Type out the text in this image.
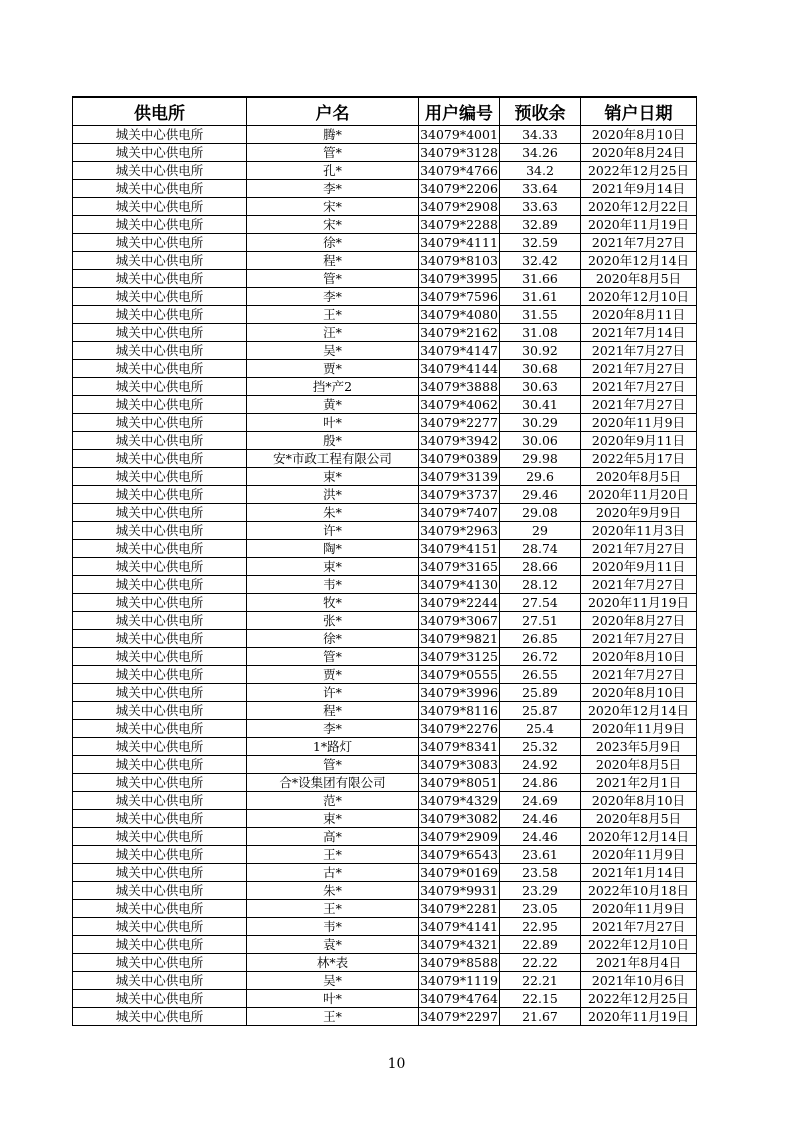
供电所	户名	用户编号	预收余	销户日期
城关中心供电所	腾*	34079*4001	34.33	2020年8月10日
城关中心供电所	管*	34079*3128	34.26	2020年8月24日
城关中心供电所	孔*	34079*4766	34.2	2022年12月25日
城关中心供电所	李*	34079*2206	33.64	2021年9月14日
城关中心供电所	宋*	34079*2908	33.63	2020年12月22日
城关中心供电所	宋*	34079*2288	32.89	2020年11月19日
城关中心供电所	徐*	34079*4111	32.59	2021年7月27日
城关中心供电所	程*	34079*8103	32.42	2020年12月14日
城关中心供电所	管*	34079*3995	31.66	2020年8月5日
城关中心供电所	李*	34079*7596	31.61	2020年12月10日
城关中心供电所	王*	34079*4080	31.55	2020年8月11日
城关中心供电所	汪*	34079*2162	31.08	2021年7月14日
城关中心供电所	吴*	34079*4147	30.92	2021年7月27日
城关中心供电所	贾*	34079*4144	30.68	2021年7月27日
城关中心供电所	挡*产2	34079*3888	30.63	2021年7月27日
城关中心供电所	黄*	34079*4062	30.41	2021年7月27日
城关中心供电所	叶*	34079*2277	30.29	2020年11月9日
城关中心供电所	殷*	34079*3942	30.06	2020年9月11日
城关中心供电所	安*市政工程有限公司	34079*0389	29.98	2022年5月17日
城关中心供电所	束*	34079*3139	29.6	2020年8月5日
城关中心供电所	洪*	34079*3737	29.46	2020年11月20日
城关中心供电所	朱*	34079*7407	29.08	2020年9月9日
城关中心供电所	许*	34079*2963	29	2020年11月3日
城关中心供电所	陶*	34079*4151	28.74	2021年7月27日
城关中心供电所	束*	34079*3165	28.66	2020年9月11日
城关中心供电所	韦*	34079*4130	28.12	2021年7月27日
城关中心供电所	牧*	34079*2244	27.54	2020年11月19日
城关中心供电所	张*	34079*3067	27.51	2020年8月27日
城关中心供电所	徐*	34079*9821	26.85	2021年7月27日
城关中心供电所	管*	34079*3125	26.72	2020年8月10日
城关中心供电所	贾*	34079*0555	26.55	2021年7月27日
城关中心供电所	许*	34079*3996	25.89	2020年8月10日
城关中心供电所	程*	34079*8116	25.87	2020年12月14日
城关中心供电所	李*	34079*2276	25.4	2020年11月9日
城关中心供电所	1*路灯	34079*8341	25.32	2023年5月9日
城关中心供电所	管*	34079*3083	24.92	2020年8月5日
城关中心供电所	合*设集团有限公司	34079*8051	24.86	2021年2月1日
城关中心供电所	范*	34079*4329	24.69	2020年8月10日
城关中心供电所	束*	34079*3082	24.46	2020年8月5日
城关中心供电所	高*	34079*2909	24.46	2020年12月14日
城关中心供电所	王*	34079*6543	23.61	2020年11月9日
城关中心供电所	古*	34079*0169	23.58	2021年1月14日
城关中心供电所	朱*	34079*9931	23.29	2022年10月18日
城关中心供电所	王*	34079*2281	23.05	2020年11月9日
城关中心供电所	韦*	34079*4141	22.95	2021年7月27日
城关中心供电所	袁*	34079*4321	22.89	2022年12月10日
城关中心供电所	林*表	34079*8588	22.22	2021年8月4日
城关中心供电所	吴*	34079*1119	22.21	2021年10月6日
城关中心供电所	叶*	34079*4764	22.15	2022年12月25日
城关中心供电所	王*	34079*2297	21.67	2020年11月19日
10
